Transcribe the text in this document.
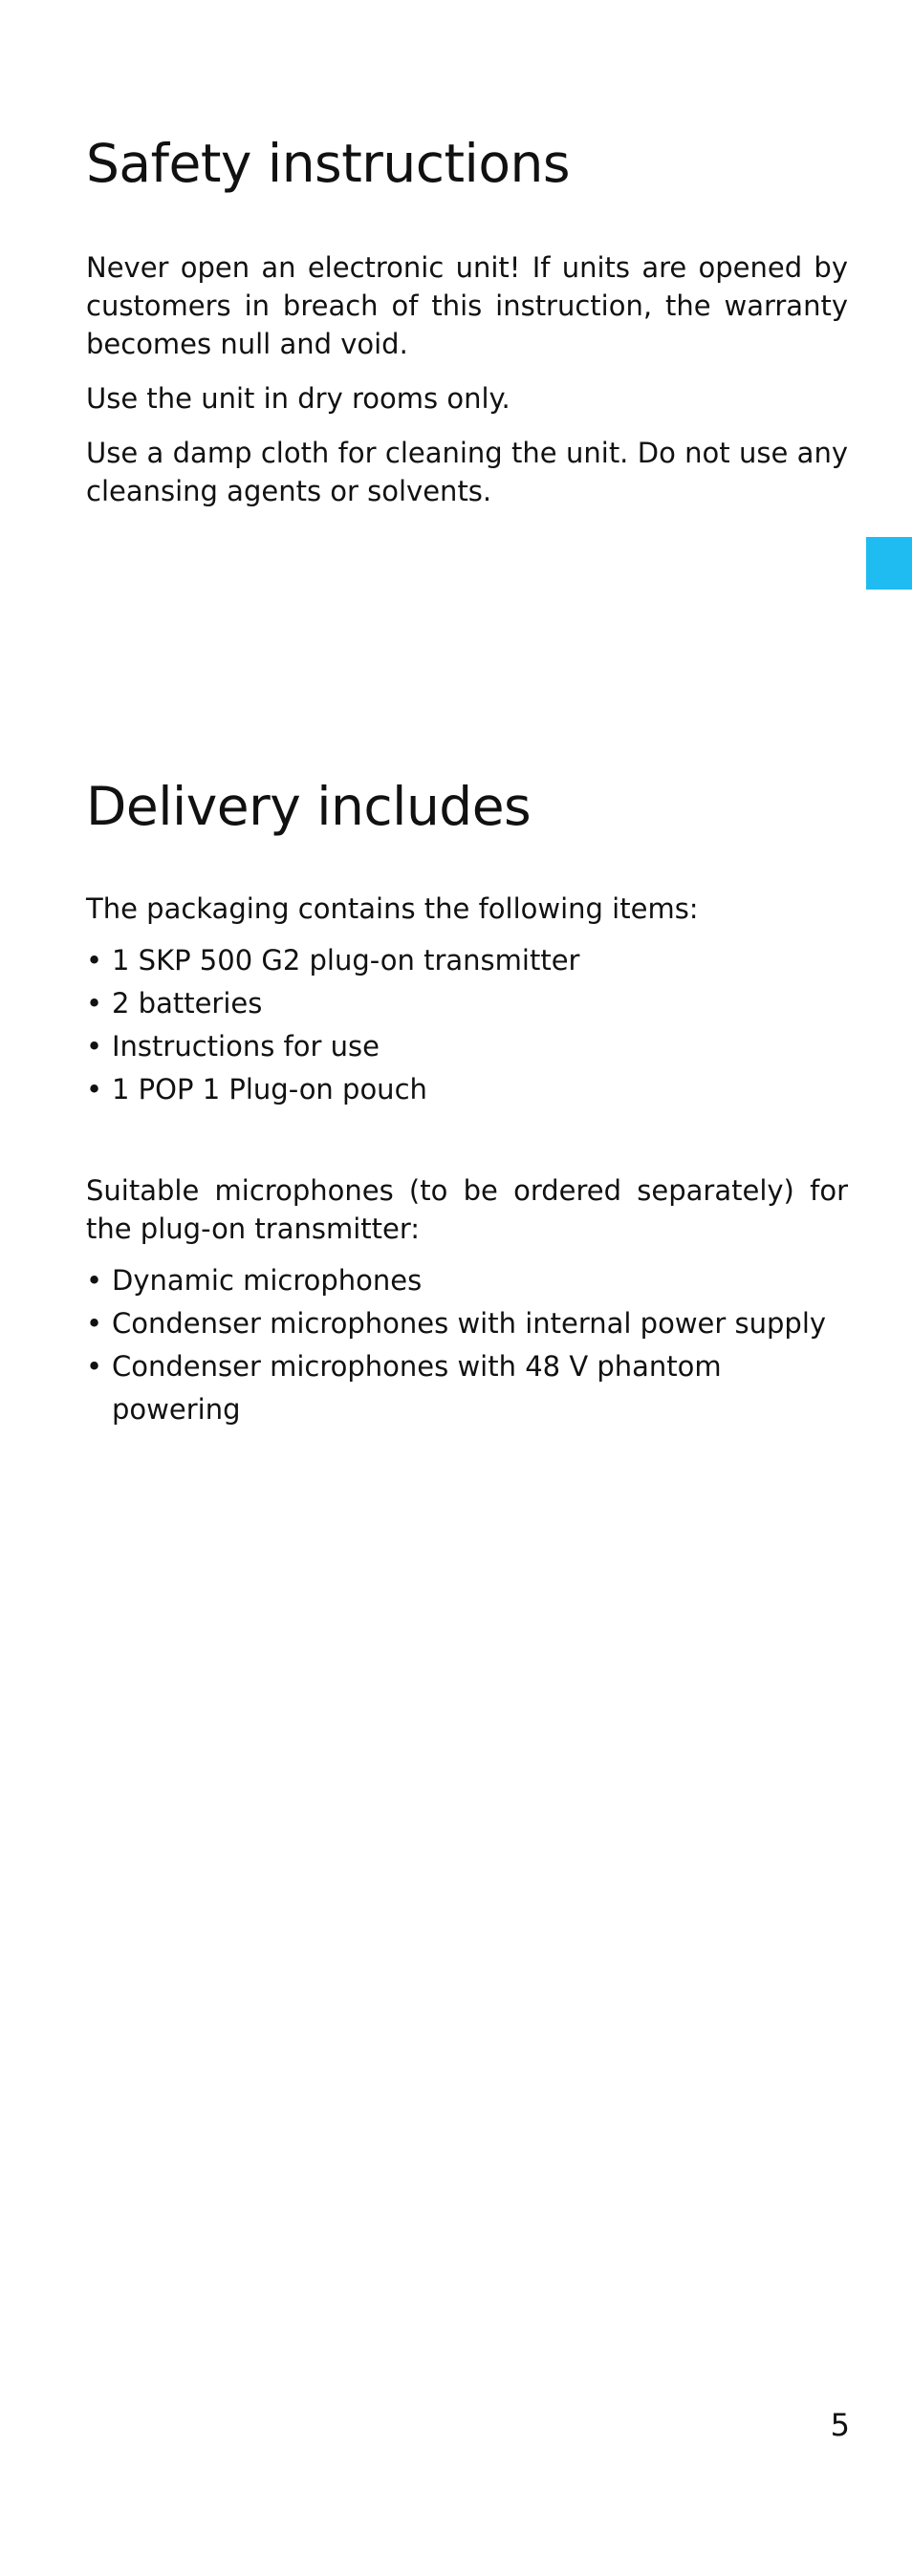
Safety instructions

Never open an electronic unit! If units are opened by customers in breach of this instruction, the warranty becomes null and void.

Use the unit in dry rooms only.

Use a damp cloth for cleaning the unit. Do not use any cleansing agents or solvents.

Delivery includes

The packaging contains the following items:

• 1 SKP 500 G2 plug-on transmitter
• 2 batteries
• Instructions for use
• 1 POP 1 Plug-on pouch

Suitable microphones (to be ordered separately) for the plug-on transmitter:

• Dynamic microphones
• Condenser microphones with internal power supply
• Condenser microphones with 48 V phantom powering
5
